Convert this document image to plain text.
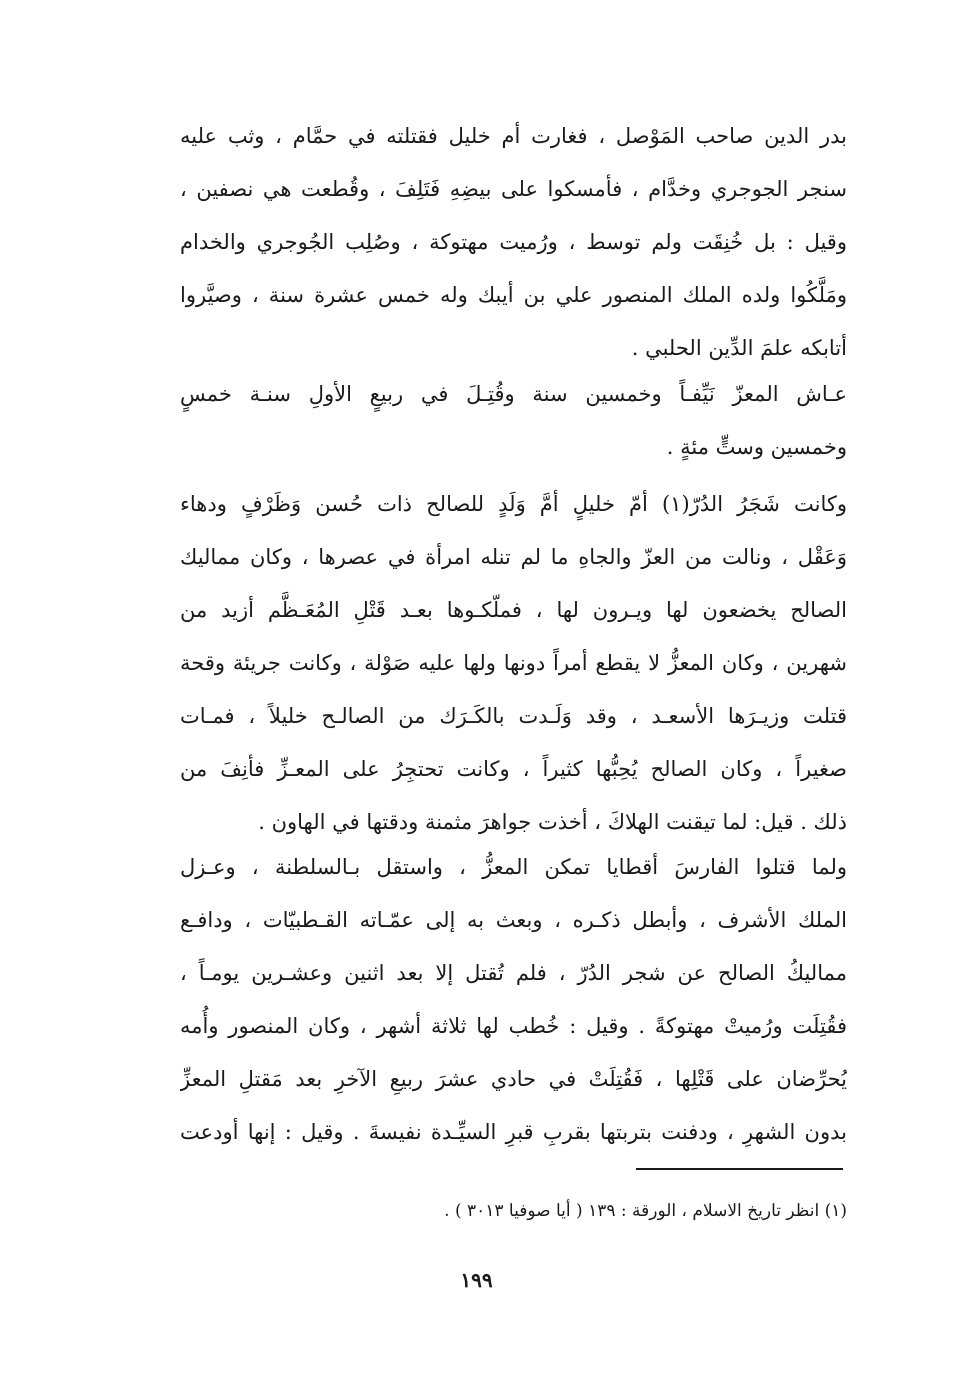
بدر الدين صاحب المَوْصل ، فغارت أم خليل فقتلته في حمَّام ، وثب عليه
سنجر الجوجري وخدَّام ، فأمسكوا على بيضِهِ فَتَلِفَ ، وقُطعت هي نصفين ،
وقيل : بل خُنِقَت ولم توسط ، ورُميت مهتوكة ، وصُلِب الجُوجري والخدام
ومَلَّكُوا ولده الملك المنصور علي بن أيبك وله خمس عشرة سنة ، وصيَّروا
أتابكه علمَ الدِّين الحلبي .
عـاش المعزّ نَيِّفـاً وخمسين سنة وقُتِـلَ في ربيعٍ الأولِ سنـة خمسٍ
وخمسين وستٍّ مئةٍ .
وكانت شَجَرُ الدُرّ(١) أمّ خليلٍ أمَّ وَلَدٍ للصالح ذات حُسن وَظَرْفٍ ودهاء
وَعَقْل ، ونالت من العزّ والجاهِ ما لم تنله امرأة في عصرها ، وكان مماليك
الصالح يخضعون لها ويـرون لها ، فملّكـوها بعـد قَتْلِ المُعَـظَّم أزيد من
شهرين ، وكان المعزُّ لا يقطع أمراً دونها ولها عليه صَوْلة ، وكانت جريئة وقحة
قتلت وزيـرَها الأسعـد ، وقد وَلَـدت بالكَـرَك من الصالـح خليلاً ، فمـات
صغيراً ، وكان الصالح يُحِبُّها كثيراً ، وكانت تحتجِرُ على المعـزِّ فأنِفَ من
ذلك . قيل: لما تيقنت الهلاكَ ، أخذت جواهرَ مثمنة ودقتها في الهاون .
ولما قتلوا الفارسَ أقطايا تمكن المعزُّ ، واستقل بـالسلطنة ، وعـزل
الملك الأشرف ، وأبطل ذكـره ، وبعث به إلى عمّـاته القـطبيّات ، ودافـع
مماليكُ الصالح عن شجر الدُرّ ، فلم تُقتل إلا بعد اثنين وعشـرين يومـاً ،
فقُتِلَت ورُميتْ مهتوكةً . وقيل : خُطب لها ثلاثة أشهر ، وكان المنصور وأُمه
يُحرِّضان على قَتْلِها ، فَقُتِلَتْ في حادي عشرَ ربيعِ الآخرِ بعد مَقتلِ المعزِّ
بدون الشهرِ ، ودفنت بتربتها بقربِ قبرِ السيِّـدة نفيسةَ . وقيل : إنها أودعت
(١) انظر تاريخ الاسلام ، الورقة : ١٣٩ ( أيا صوفيا ٣٠١٣ ) .
١٩٩
